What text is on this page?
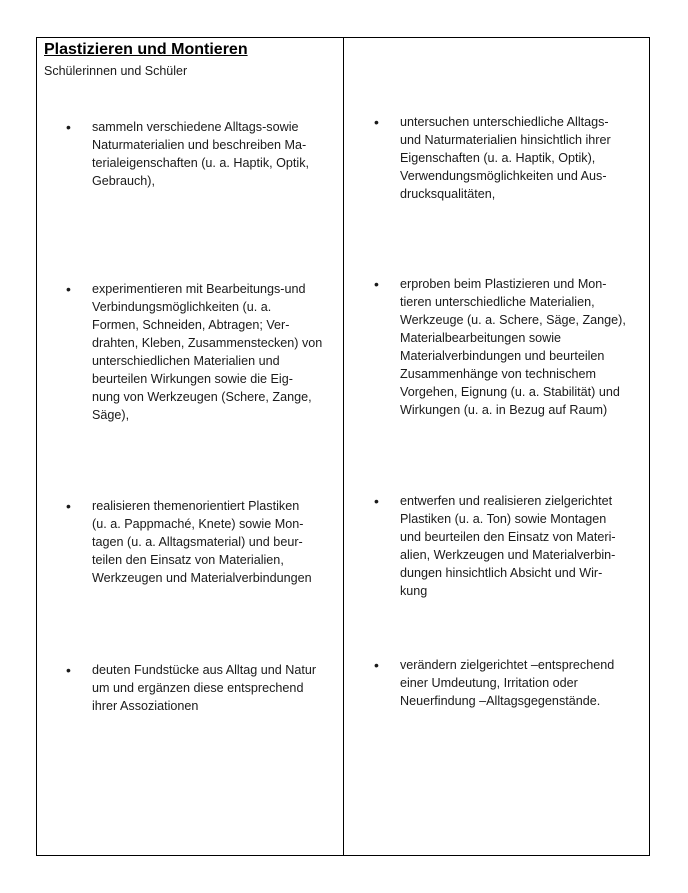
Plastizieren und Montieren
Schülerinnen und Schüler
• sammeln verschiedene Alltags-sowie
Naturmaterialien und beschreiben Ma-
terialeigenschaften (u. a. Haptik, Optik,
Gebrauch),
• experimentieren mit Bearbeitungs-und
Verbindungsmöglichkeiten (u. a.
Formen, Schneiden, Abtragen; Ver-
drahten, Kleben, Zusammenstecken) von
unterschiedlichen Materialien und
beurteilen Wirkungen sowie die Eig-
nung von Werkzeugen (Schere, Zange,
Säge),
• realisieren themenorientiert Plastiken
(u. a. Pappmaché, Knete) sowie Mon-
tagen (u. a. Alltagsmaterial) und beur-
teilen den Einsatz von Materialien,
Werkzeugen und Materialverbindungen
• deuten Fundstücke aus Alltag und Natur
um und ergänzen diese entsprechend
ihrer Assoziationen
• untersuchen unterschiedliche Alltags-
und Naturmaterialien hinsichtlich ihrer
Eigenschaften (u. a. Haptik, Optik),
Verwendungsmöglichkeiten und Aus-
drucksqualitäten,
• erproben beim Plastizieren und Mon-
tieren unterschiedliche Materialien,
Werkzeuge (u. a. Schere, Säge, Zange),
Materialbearbeitungen sowie
Materialverbindungen und beurteilen
Zusammenhänge von technischem
Vorgehen, Eignung (u. a. Stabilität) und
Wirkungen (u. a. in Bezug auf Raum)
• entwerfen und realisieren zielgerichtet
Plastiken (u. a. Ton) sowie Montagen
und beurteilen den Einsatz von Materi-
alien, Werkzeugen und Materialverbin-
dungen hinsichtlich Absicht und Wir-
kung
• verändern zielgerichtet –entsprechend
einer Umdeutung, Irritation oder
Neuerfindung –Alltagsgegenstände.
